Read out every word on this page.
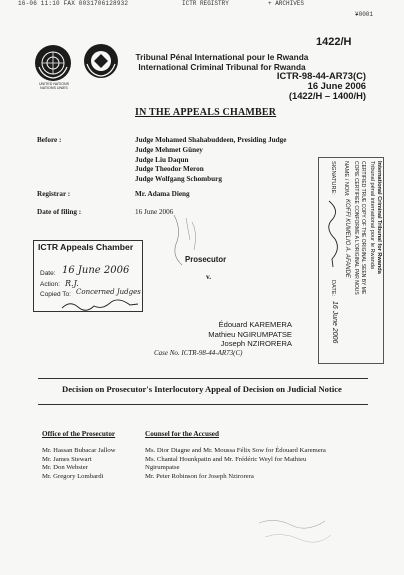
16-06 11:10 FAX 0031706128932	ICTR REGISTRY	+ ARCHIVES
¥0001
1422/H
UNITED NATIONS
NATIONS UNIES
Tribunal Pénal International pour le Rwanda
International Criminal Tribunal for Rwanda
ICTR-98-44-AR73(C)
16 June 2006
(1422/H – 1400/H)
IN THE APPEALS CHAMBER
Before :	Judge Mohamed Shahabuddeen, Presiding Judge
Judge Mehmet Güney
Judge Liu Daqun
Judge Theodor Meron
Judge Wolfgang Schomburg
Registrar :	Mr. Adama Dieng
Date of filing :	16 June 2006
ICTR Appeals Chamber
Date: 16 June 2006
Action: R.J.
Copied To: Concerned Judges
Prosecutor
v.
Édouard KAREMERA
Mathieu NGIRUMPATSE
Joseph NZIRORERA
Case No. ICTR-98-44-AR73(C)
Decision on Prosecutor's Interlocutory Appeal of Decision on Judicial Notice
Office of the Prosecutor
Mr. Hassan Bubacar Jallow
Mr. James Stewart
Mr. Don Webster
Mr. Gregory Lombardi
Counsel for the Accused
Ms. Dior Diagne and Mr. Moussa Félix Sow for Édouard Karemera
Ms. Chantal Hounkpatin and Mr. Frédéric Weyl for Mathieu
Ngirumpatse
Mr. Peter Robinson for Joseph Nzirorera
International Criminal Tribunal for Rwanda
Tribunal pénal international pour le Rwanda
CERTIFIED TRUE COPY OF THE ORIGINAL SEEN BY ME
COPIE CERTIFIEE CONFORME A L'ORIGINAL PAR NOUS
NAME / NOM:
KOFFI KUMELIO A. AFANDE
SIGNATURE:
DATE:
16 June 2006
